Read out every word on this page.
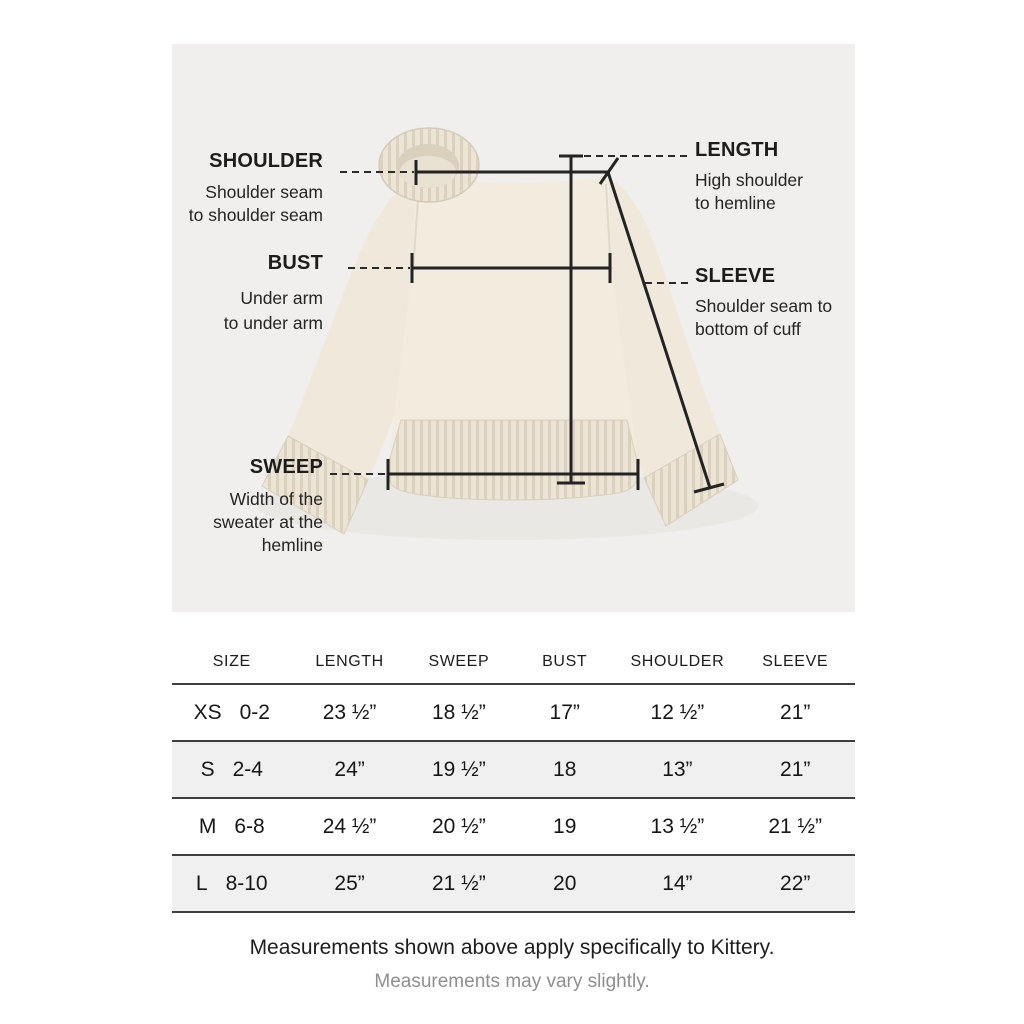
SHOULDER
Shoulder seam
to shoulder seam
BUST
Under arm
to under arm
SWEEP
Width of the
sweater at the
hemline
LENGTH
High shoulder
to hemline
SLEEVE
Shoulder seam to
bottom of cuff
SIZE	LENGTH	SWEEP	BUST	SHOULDER	SLEEVE
XS 0-2	23 ½”	18 ½”	17”	12 ½”	21”
S 2-4	24”	19 ½”	18	13”	21”
M 6-8	24 ½”	20 ½”	19	13 ½”	21 ½”
L 8-10	25”	21 ½”	20	14”	22”
Measurements shown above apply specifically to Kittery.
Measurements may vary slightly.
